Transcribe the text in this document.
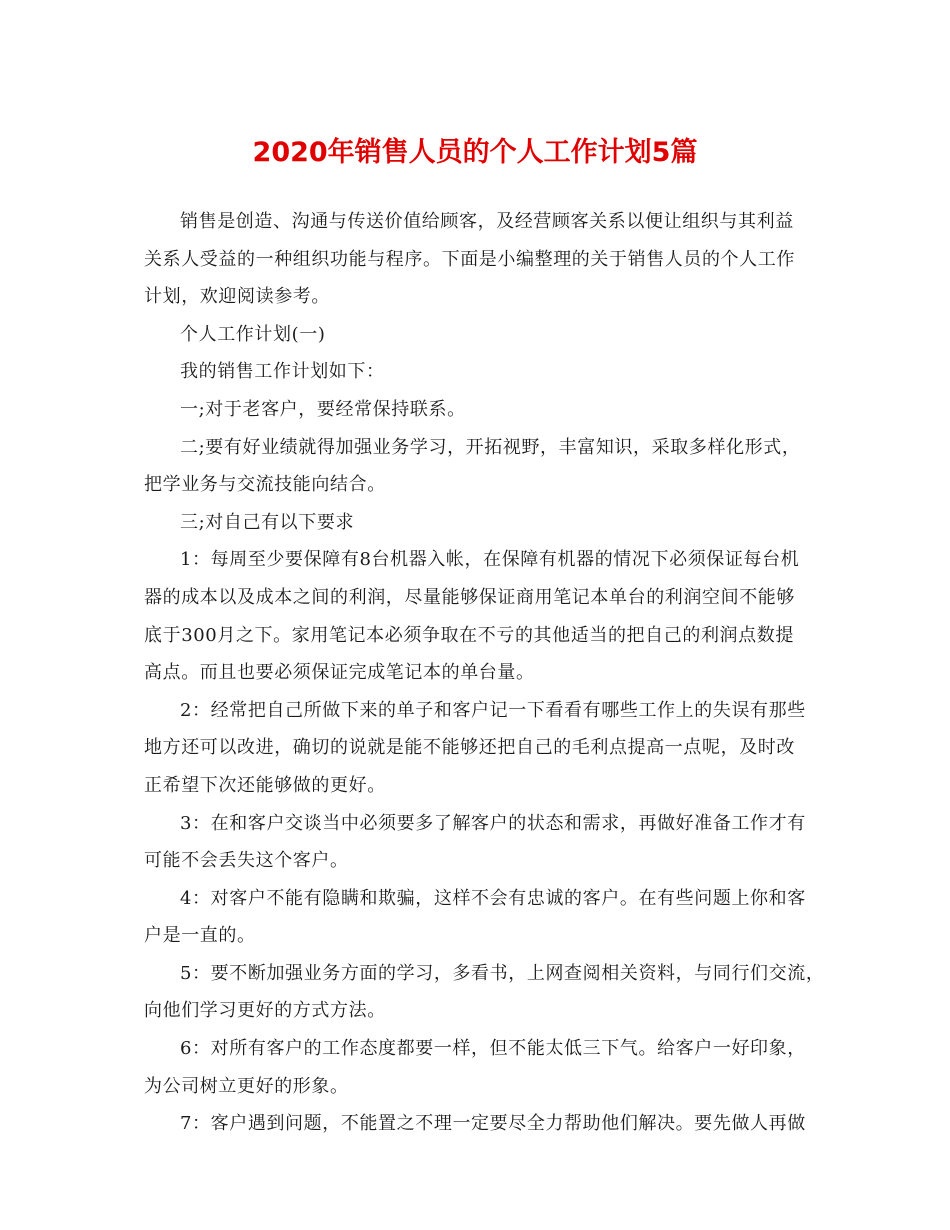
2020年销售人员的个人工作计划5篇
销售是创造、沟通与传送价值给顾客，及经营顾客关系以便让组织与其利益
关系人受益的一种组织功能与程序。下面是小编整理的关于销售人员的个人工作
计划，欢迎阅读参考。
个人工作计划(一)
我的销售工作计划如下：
一;对于老客户，要经常保持联系。
二;要有好业绩就得加强业务学习，开拓视野，丰富知识，采取多样化形式，
把学业务与交流技能向结合。
三;对自己有以下要求
1：每周至少要保障有8台机器入帐，在保障有机器的情况下必须保证每台机
器的成本以及成本之间的利润，尽量能够保证商用笔记本单台的利润空间不能够
底于300月之下。家用笔记本必须争取在不亏的其他适当的把自己的利润点数提
高点。而且也要必须保证完成笔记本的单台量。
2：经常把自己所做下来的单子和客户记一下看看有哪些工作上的失误有那些
地方还可以改进，确切的说就是能不能够还把自己的毛利点提高一点呢，及时改
正希望下次还能够做的更好。
3：在和客户交谈当中必须要多了解客户的状态和需求，再做好准备工作才有
可能不会丢失这个客户。
4：对客户不能有隐瞒和欺骗，这样不会有忠诚的客户。在有些问题上你和客
户是一直的。
5：要不断加强业务方面的学习，多看书，上网查阅相关资料，与同行们交流，
向他们学习更好的方式方法。
6：对所有客户的工作态度都要一样，但不能太低三下气。给客户一好印象，
为公司树立更好的形象。
7：客户遇到问题，不能置之不理一定要尽全力帮助他们解决。要先做人再做
